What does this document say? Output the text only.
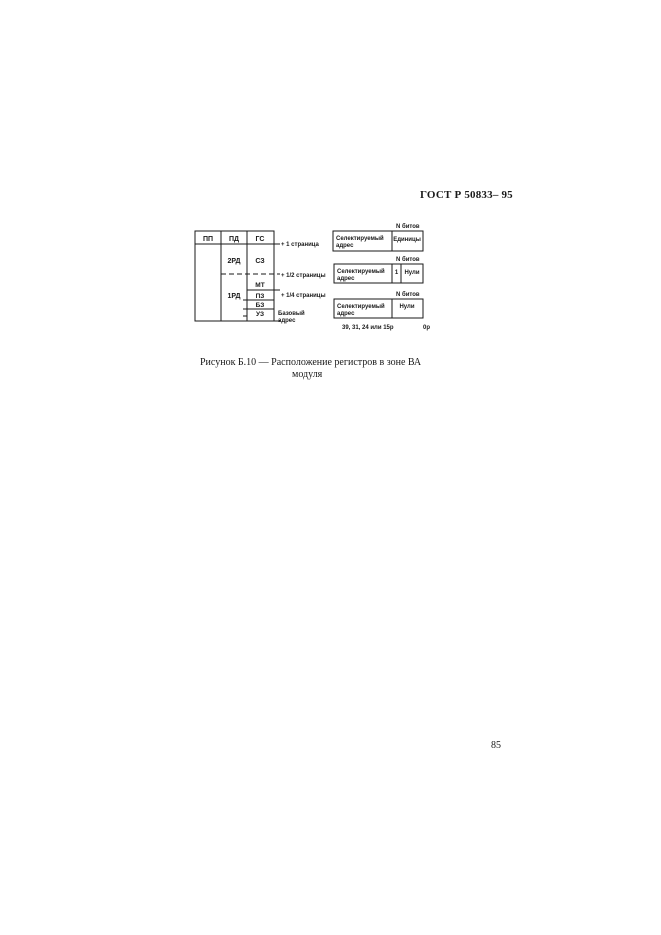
ГОСТ Р 50833– 95
ПП ПД ГС
2РД
1РД
СЗ
МТ
ПЗ
БЗ
УЗ
+ 1 страница
+ 1/2 страницы
+ 1/4 страницы
Базовый
адрес
N битов
Селектируемый
адрес
Единицы
N битов
Селектируемый
адрес
1 Нули
N битов
Селектируемый
адрес
Нули
39, 31, 24 или 15р	0р
Рисунок Б.10 — Расположение регистров в зоне ВА
модуля
85
